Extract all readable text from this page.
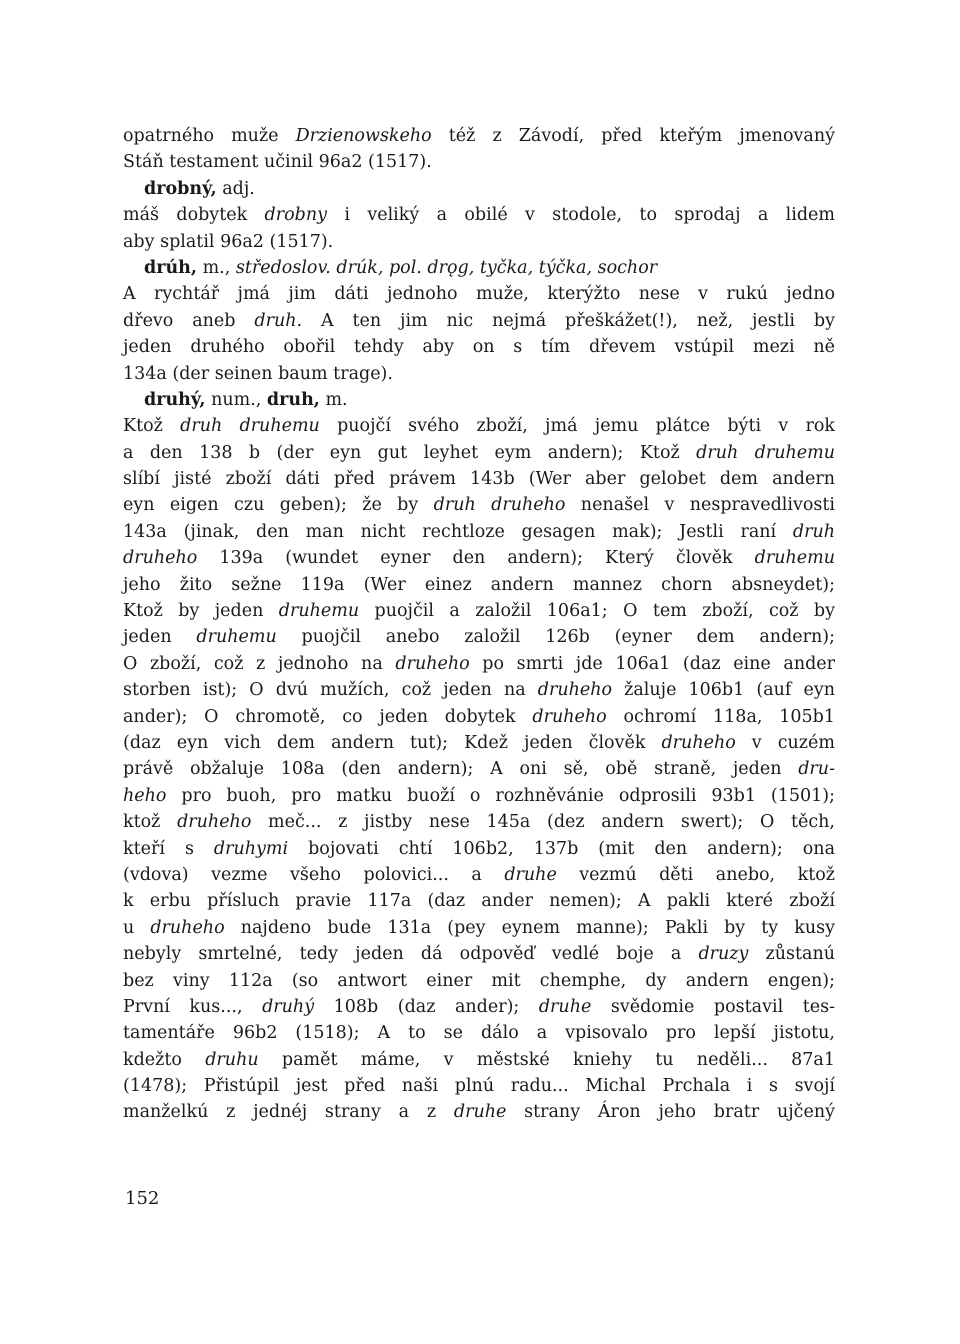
opatrného muže Drzienowskeho též z Závodí, před kteřým jmenovaný
Stáň testament učinil 96a2 (1517).
drobný, adj.
máš dobytek drobny i veliký a obilé v stodole, to sprodaj a lidem
aby splatil 96a2 (1517).
drúh, m., středoslov. drúk, pol. drǫg, tyčka, týčka, sochor
A rychtář jmá jim dáti jednoho muže, kterýžto nese v rukú jedno
dřevo aneb druh. A ten jim nic nejmá přeškážet(!), než, jestli by
jeden druhého obořil tehdy aby on s tím dřevem vstúpil mezi ně
134a (der seinen baum trage).
druhý, num., druh, m.
Ktož druh druhemu puojčí svého zboží, jmá jemu plátce býti v rok
a den 138 b (der eyn gut leyhet eym andern); Ktož druh druhemu
slíbí jisté zboží dáti před právem 143b (Wer aber gelobet dem andern
eyn eigen czu geben); že by druh druheho nenašel v nespravedlivosti
143a (jinak, den man nicht rechtloze gesagen mak); Jestli raní druh
druheho 139a (wundet eyner den andern); Který člověk druhemu
jeho žito sežne 119a (Wer einez andern mannez chorn absneydet);
Ktož by jeden druhemu puojčil a založil 106a1; O tem zboží, což by
jeden druhemu puojčil anebo založil 126b (eyner dem andern);
O zboží, což z jednoho na druheho po smrti jde 106a1 (daz eine ander
storben ist); O dvú mužích, což jeden na druheho žaluje 106b1 (auf eyn
ander); O chromotě, co jeden dobytek druheho ochromí 118a, 105b1
(daz eyn vich dem andern tut); Kdež jeden člověk druheho v cuzém
právě obžaluje 108a (den andern); A oni sě, obě straně, jeden dru-
heho pro buoh, pro matku buoží o rozhněvánie odprosili 93b1 (1501);
ktož druheho meč... z jistby nese 145a (dez andern swert); O těch,
kteří s druhymi bojovati chtí 106b2, 137b (mit den andern); ona
(vdova) vezme všeho polovici... a druhe vezmú děti anebo, ktož
k erbu přísluch pravie 117a (daz ander nemen); A pakli které zboží
u druheho najdeno bude 131a (pey eynem manne); Pakli by ty kusy
nebyly smrtelné, tedy jeden dá odpověď vedlé boje a druzy zůstanú
bez viny 112a (so antwort einer mit chemphe, dy andern engen);
První kus..., druhý 108b (daz ander); druhe svědomie postavil tes-
tamentáře 96b2 (1518); A to se dálo a vpisovalo pro lepší jistotu,
kdežto druhu pamět máme, v městské kniehy tu neděli... 87a1
(1478); Přistúpil jest před naši plnú radu... Michal Prchala i s svojí
manželkú z jednéj strany a z druhe strany Áron jeho bratr ujčený
152
